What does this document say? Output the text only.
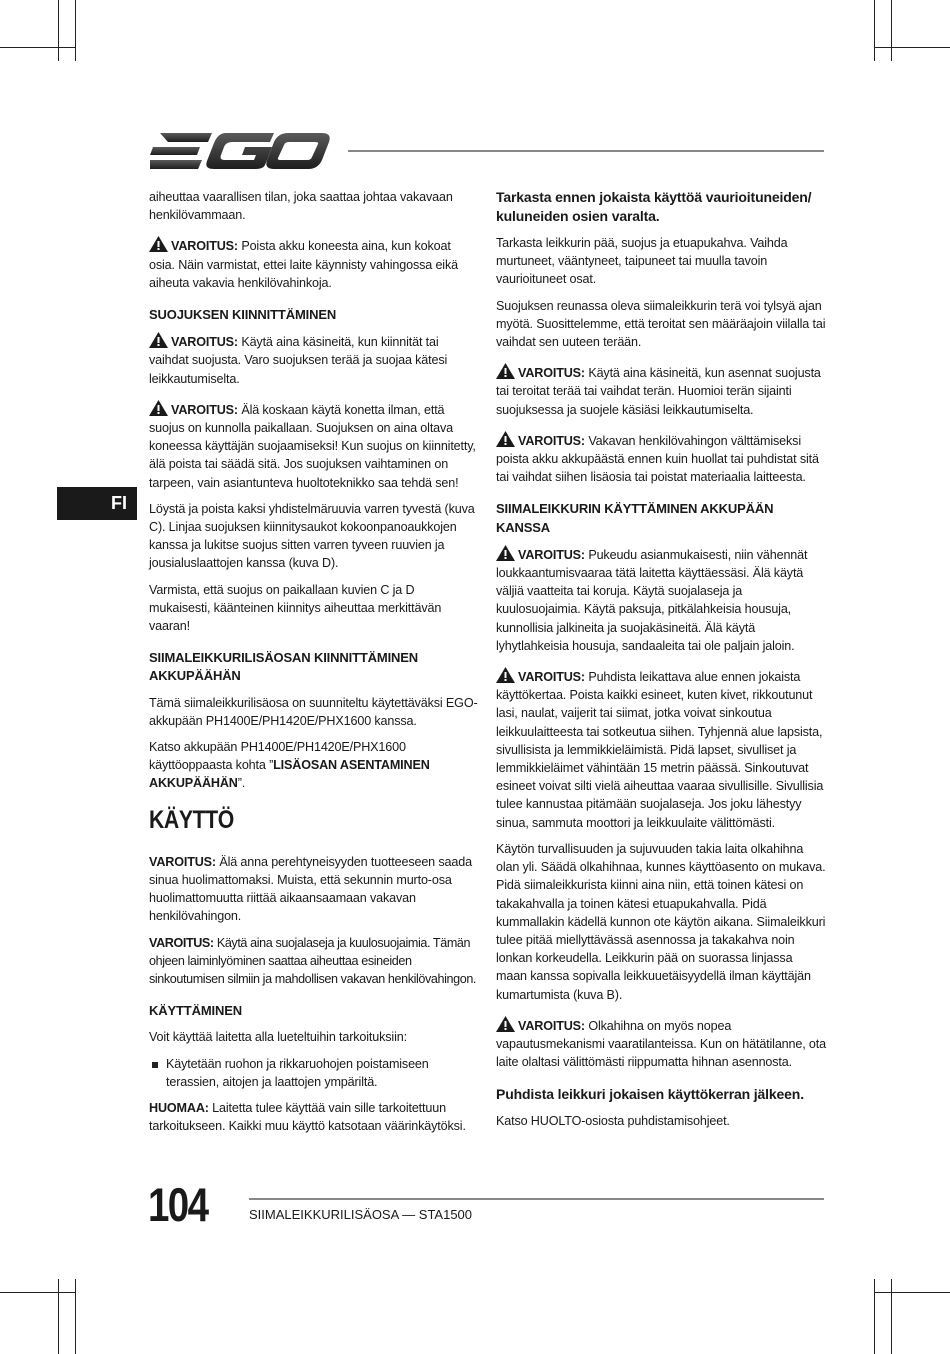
FI

aiheuttaa vaarallisen tilan, joka saattaa johtaa vakavaan henkilövammaan.

VAROITUS: Poista akku koneesta aina, kun kokoat osia. Näin varmistat, ettei laite käynnisty vahingossa eikä aiheuta vakavia henkilövahinkoja.

SUOJUKSEN KIINNITTÄMINEN

VAROITUS: Käytä aina käsineitä, kun kiinnität tai vaihdat suojusta. Varo suojuksen terää ja suojaa kätesi leikkautumiselta.

VAROITUS: Älä koskaan käytä konetta ilman, että suojus on kunnolla paikallaan. Suojuksen on aina oltava koneessa käyttäjän suojaamiseksi! Kun suojus on kiinnitetty, älä poista tai säädä sitä. Jos suojuksen vaihtaminen on tarpeen, vain asiantunteva huoltoteknikko saa tehdä sen!

Löystä ja poista kaksi yhdistelmäruuvia varren tyvestä (kuva C). Linjaa suojuksen kiinnitysaukot kokoonpanoaukkojen kanssa ja lukitse suojus sitten varren tyveen ruuvien ja jousialuslaattojen kanssa (kuva D).

Varmista, että suojus on paikallaan kuvien C ja D mukaisesti, käänteinen kiinnitys aiheuttaa merkittävän vaaran!

SIIMALEIKKURILISÄOSAN KIINNITTÄMINEN AKKUPÄÄHÄN

Tämä siimaleikkurilisäosa on suunniteltu käytettäväksi EGO-akkupään PH1400E/PH1420E/PHX1600 kanssa.

Katso akkupään PH1400E/PH1420E/PHX1600 käyttöoppaasta kohta ”LISÄOSAN ASENTAMINEN AKKUPÄÄHÄN”.

KÄYTTÖ

VAROITUS: Älä anna perehtyneisyyden tuotteeseen saada sinua huolimattomaksi. Muista, että sekunnin murto-osa huolimattomuutta riittää aikaansaamaan vakavan henkilövahingon.

VAROITUS: Käytä aina suojalaseja ja kuulosuojaimia. Tämän ohjeen laiminlyöminen saattaa aiheuttaa esineiden sinkoutumisen silmiin ja mahdollisen vakavan henkilövahingon.

KÄYTTÄMINEN

Voit käyttää laitetta alla lueteltuihin tarkoituksiin:

Käytetään ruohon ja rikkaruohojen poistamiseen terassien, aitojen ja laattojen ympäriltä.

HUOMAA: Laitetta tulee käyttää vain sille tarkoitettuun tarkoitukseen. Kaikki muu käyttö katsotaan väärinkäytöksi.

Tarkasta ennen jokaista käyttöä vaurioituneiden/ kuluneiden osien varalta.

Tarkasta leikkurin pää, suojus ja etuapukahva. Vaihda murtuneet, vääntyneet, taipuneet tai muulla tavoin vaurioituneet osat.

Suojuksen reunassa oleva siimaleikkurin terä voi tylsyä ajan myötä. Suosittelemme, että teroitat sen määräajoin viilalla tai vaihdat sen uuteen terään.

VAROITUS: Käytä aina käsineitä, kun asennat suojusta tai teroitat terää tai vaihdat terän. Huomioi terän sijainti suojuksessa ja suojele käsiäsi leikkautumiselta.

VAROITUS: Vakavan henkilövahingon välttämiseksi poista akku akkupäästä ennen kuin huollat tai puhdistat sitä tai vaihdat siihen lisäosia tai poistat materiaalia laitteesta.

SIIMALEIKKURIN KÄYTTÄMINEN AKKUPÄÄN KANSSA

VAROITUS: Pukeudu asianmukaisesti, niin vähennät loukkaantumisvaaraa tätä laitetta käyttäessäsi. Älä käytä väljiä vaatteita tai koruja. Käytä suojalaseja ja kuulosuojaimia. Käytä paksuja, pitkälahkeisia housuja, kunnollisia jalkineita ja suojakäsineitä. Älä käytä lyhytlahkeisia housuja, sandaaleita tai ole paljain jaloin.

VAROITUS: Puhdista leikattava alue ennen jokaista käyttökertaa. Poista kaikki esineet, kuten kivet, rikkoutunut lasi, naulat, vaijerit tai siimat, jotka voivat sinkoutua leikkuulaitteesta tai sotkeutua siihen. Tyhjennä alue lapsista, sivullisista ja lemmikkieläimistä. Pidä lapset, sivulliset ja lemmikkieläimet vähintään 15 metrin päässä. Sinkoutuvat esineet voivat silti vielä aiheuttaa vaaraa sivullisille. Sivullisia tulee kannustaa pitämään suojalaseja. Jos joku lähestyy sinua, sammuta moottori ja leikkuulaite välittömästi.

Käytön turvallisuuden ja sujuvuuden takia laita olkahihna olan yli. Säädä olkahihnaa, kunnes käyttöasento on mukava. Pidä siimaleikkurista kiinni aina niin, että toinen kätesi on takakahvalla ja toinen kätesi etuapukahvalla. Pidä kummallakin kädellä kunnon ote käytön aikana. Siimaleikkuri tulee pitää miellyttävässä asennossa ja takakahva noin lonkan korkeudella. Leikkurin pää on suorassa linjassa maan kanssa sopivalla leikkuuetäisyydellä ilman käyttäjän kumartumista (kuva B).

VAROITUS: Olkahihna on myös nopea vapautusmekanismi vaaratilanteissa. Kun on hätätilanne, ota laite olaltasi välittömästi riippumatta hihnan asennosta.

Puhdista leikkuri jokaisen käyttökerran jälkeen.

Katso HUOLTO-osiosta puhdistamisohjeet.

104	SIIMALEIKKURILISÄOSA — STA1500
